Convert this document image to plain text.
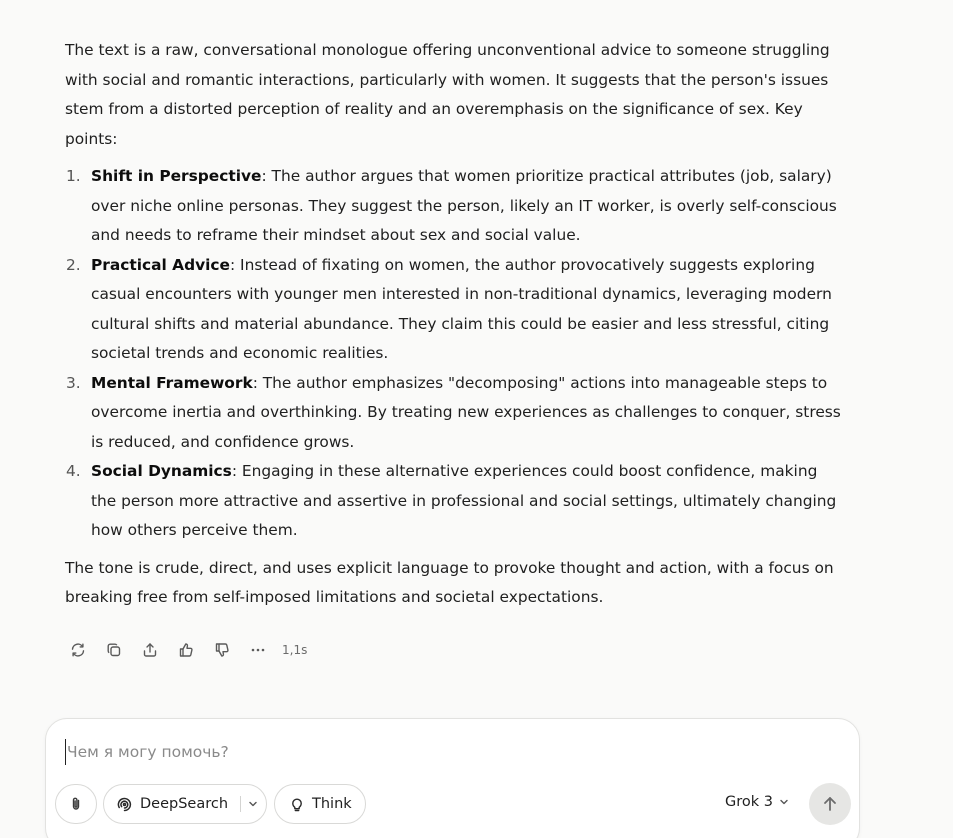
The text is a raw, conversational monologue offering unconventional advice to someone struggling with social and romantic interactions, particularly with women. It suggests that the person's issues stem from a distorted perception of reality and an overemphasis on the significance of sex. Key points:

1. Shift in Perspective: The author argues that women prioritize practical attributes (job, salary) over niche online personas. They suggest the person, likely an IT worker, is overly self-conscious and needs to reframe their mindset about sex and social value.
2. Practical Advice: Instead of fixating on women, the author provocatively suggests exploring casual encounters with younger men interested in non-traditional dynamics, leveraging modern cultural shifts and material abundance. They claim this could be easier and less stressful, citing societal trends and economic realities.
3. Mental Framework: The author emphasizes "decomposing" actions into manageable steps to overcome inertia and overthinking. By treating new experiences as challenges to conquer, stress is reduced, and confidence grows.
4. Social Dynamics: Engaging in these alternative experiences could boost confidence, making the person more attractive and assertive in professional and social settings, ultimately changing how others perceive them.

The tone is crude, direct, and uses explicit language to provoke thought and action, with a focus on breaking free from self-imposed limitations and societal expectations.

1,1s
Чем я могу помочь?
DeepSearch	Think	Grok 3
